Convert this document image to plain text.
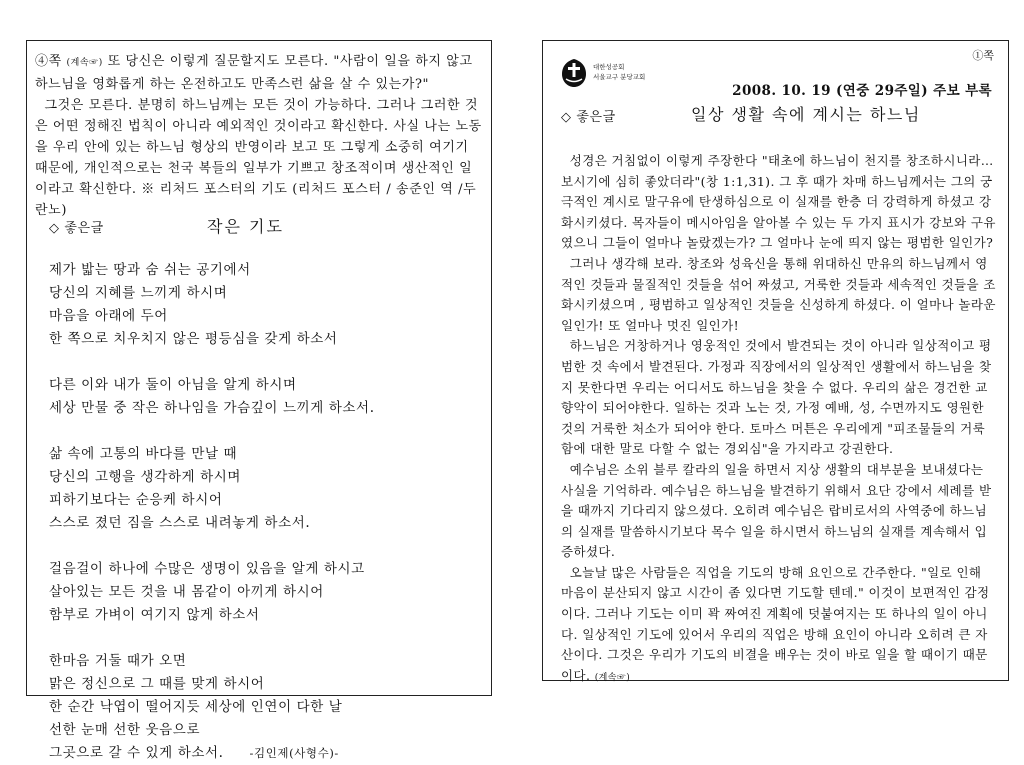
④쪽 (계속☞) 또 당신은 이렇게 질문할지도 모른다. "사람이 일을 하지 않고 하느님을 영화롭게 하는 온전하고도 만족스런 삶을 살 수 있는가?"
그것은 모른다. 분명히 하느님께는 모든 것이 가능하다. 그러나 그러한 것은 어떤 정해진 법칙이 아니라 예외적인 것이라고 확신한다. 사실 나는 노동을 우리 안에 있는 하느님 형상의 반영이라 보고 또 그렇게 소중히 여기기 때문에, 개인적으로는 천국 복들의 일부가 기쁘고 창조적이며 생산적인 일이라고 확신한다. ※ 리처드 포스터의 기도 (리처드 포스터 / 송준인 역 /두란노)
◇ 좋은글	작은 기도
제가 밟는 땅과 숨 쉬는 공기에서
당신의 지혜를 느끼게 하시며
마음을 아래에 두어
한 쪽으로 치우치지 않은 평등심을 갖게 하소서
다른 이와 내가 둘이 아님을 알게 하시며
세상 만물 중 작은 하나임을 가슴깊이 느끼게 하소서.
삶 속에 고통의 바다를 만날 때
당신의 고행을 생각하게 하시며
피하기보다는 순응케 하시어
스스로 졌던 짐을 스스로 내려놓게 하소서.
걸음걸이 하나에 수많은 생명이 있음을 알게 하시고
살아있는 모든 것을 내 몸같이 아끼게 하시어
함부로 가벼이 여기지 않게 하소서
한마음 거둘 때가 오면
맑은 정신으로 그 때를 맞게 하시어
한 순간 낙엽이 떨어지듯 세상에 인연이 다한 날
선한 눈매 선한 웃음으로
그곳으로 갈 수 있게 하소서. -김인제(사형수)-
①쪽
대한성공회
서울교구 분당교회
2008. 10. 19 (연중 29주일) 주보 부록
◇ 좋은글	일상 생활 속에 계시는 하느님

성경은 거침없이 이렇게 주장한다 "태초에 하느님이 천지를 창조하시니라… 보시기에 심히 좋았더라"(창 1:1,31). 그 후 때가 차매 하느님께서는 그의 궁극적인 계시로 말구유에 탄생하심으로 이 실재를 한층 더 강력하게 하셨고 강화시키셨다. 목자들이 메시아임을 알아볼 수 있는 두 가지 표시가 강보와 구유였으니 그들이 얼마나 놀랐겠는가? 그 얼마나 눈에 띄지 않는 평범한 일인가?

그러나 생각해 보라. 창조와 성육신을 통해 위대하신 만유의 하느님께서 영적인 것들과 물질적인 것들을 섞어 짜셨고, 거룩한 것들과 세속적인 것들을 조화시키셨으며 , 평범하고 일상적인 것들을 신성하게 하셨다. 이 얼마나 놀라운 일인가! 또 얼마나 멋진 일인가!

하느님은 거창하거나 영웅적인 것에서 발견되는 것이 아니라 일상적이고 평범한 것 속에서 발견된다. 가정과 직장에서의 일상적인 생활에서 하느님을 찾지 못한다면 우리는 어디서도 하느님을 찾을 수 없다. 우리의 삶은 경건한 교향악이 되어야한다. 일하는 것과 노는 것, 가정 예배, 성, 수면까지도 영원한 것의 거룩한 처소가 되어야 한다. 토마스 머튼은 우리에게 "피조물들의 거룩함에 대한 말로 다할 수 없는 경외심"을 가지라고 강권한다.

예수님은 소위 블루 칼라의 일을 하면서 지상 생활의 대부분을 보내셨다는 사실을 기억하라. 예수님은 하느님을 발견하기 위해서 요단 강에서 세례를 받을 때까지 기다리지 않으셨다. 오히려 예수님은 랍비로서의 사역중에 하느님의 실재를 말씀하시기보다 목수 일을 하시면서 하느님의 실재를 계속해서 입증하셨다.

오늘날 많은 사람들은 직업을 기도의 방해 요인으로 간주한다. "일로 인해 마음이 분산되지 않고 시간이 좀 있다면 기도할 텐데." 이것이 보편적인 감정이다. 그러나 기도는 이미 꽉 짜여진 계획에 덧붙여지는 또 하나의 일이 아니다. 일상적인 기도에 있어서 우리의 직업은 방해 요인이 아니라 오히려 큰 자산이다. 그것은 우리가 기도의 비결을 배우는 것이 바로 일을 할 때이기 때문이다. (계속☞)
